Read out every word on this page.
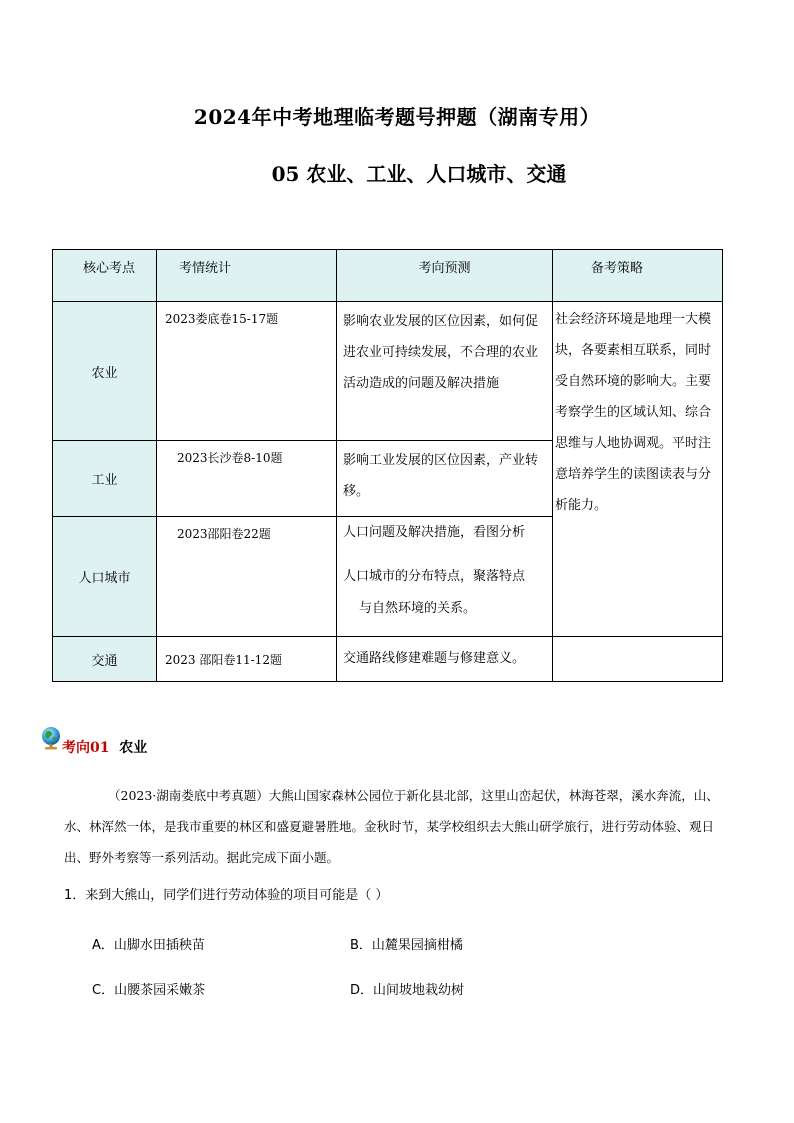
2024年中考地理临考题号押题（湖南专用）
05 农业、工业、人口城市、交通
核心考点	考情统计	考向预测	备考策略
农业	2023娄底卷15-17题	影响农业发展的区位因素，如何促进农业可持续发展，不合理的农业活动造成的问题及解决措施	社会经济环境是地理一大模块，各要素相互联系，同时受自然环境的影响大。主要考察学生的区域认知、综合思维与人地协调观。平时注意培养学生的读图读表与分析能力。
工业	2023长沙卷8-10题	影响工业发展的区位因素，产业转移。	
人口城市	2023邵阳卷22题	人口问题及解决措施，看图分析
人口城市的分布特点，聚落特点
与自然环境的关系。	

交通	2023 邵阳卷11-12题	交通路线修建难题与修建意义。	
考向01 农业
（2023·湖南娄底中考真题）大熊山国家森林公园位于新化县北部，这里山峦起伏，林海苍翠，溪水奔流，山、水、林浑然一体，是我市重要的林区和盛夏避暑胜地。金秋时节，某学校组织去大熊山研学旅行，进行劳动体验、观日出、野外考察等一系列活动。据此完成下面小题。
1．来到大熊山，同学们进行劳动体验的项目可能是（ ）
A．山脚水田插秧苗	B．山麓果园摘柑橘
C．山腰茶园采嫩茶	D．山间坡地栽幼树
